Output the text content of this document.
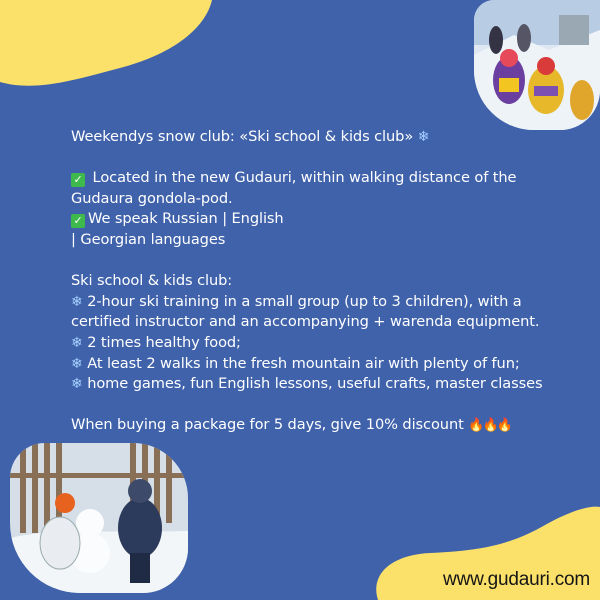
Weekendys snow club: «Ski school & kids club» ❄
✓ Located in the new Gudauri, within walking distance of the
Gudaura gondola-pod.
✓ We speak Russian | English
| Georgian languages
Ski school & kids club:
❄ 2-hour ski training in a small group (up to 3 children), with a
certified instructor and an accompanying + warenda equipment.
❄ 2 times healthy food;
❄ At least 2 walks in the fresh mountain air with plenty of fun;
❄ home games, fun English lessons, useful crafts, master classes
When buying a package for 5 days, give 10% discount 🔥🔥🔥
www.gudauri.com
